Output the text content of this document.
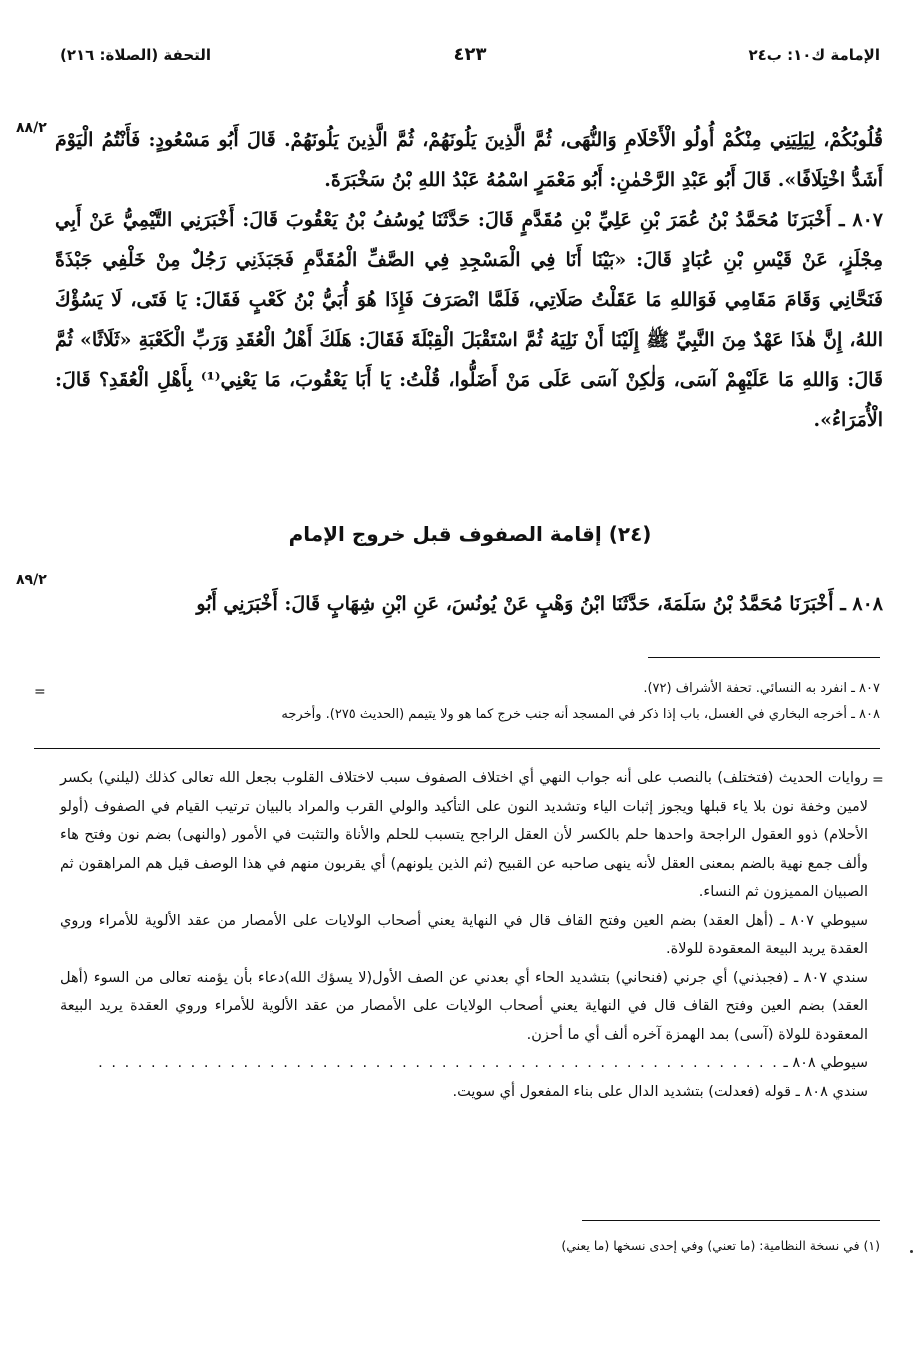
الإمامة ك١٠: ب٢٤
٤٢٣
التحفة (الصلاة: ٢١٦)
٨٨/٢
٨٩/٢

قُلُوبُكُمْ، لِيَلِيَنِي مِنْكُمْ أُولُو الْأَحْلَامِ وَالنُّهَى، ثُمَّ الَّذِينَ يَلُونَهُمْ، ثُمَّ الَّذِينَ يَلُونَهُمْ. قَالَ أَبُو مَسْعُودٍ: فَأَنْتُمُ الْيَوْمَ أَشَدُّ اخْتِلَافًا». قَالَ أَبُو عَبْدِ الرَّحْمٰنِ: أَبُو مَعْمَرٍ اسْمُهُ عَبْدُ اللهِ بْنُ سَخْبَرَةَ.

٨٠٧ ـ أَخْبَرَنَا مُحَمَّدُ بْنُ عُمَرَ بْنِ عَلِيِّ بْنِ مُقَدَّمٍ قَالَ: حَدَّثَنَا يُوسُفُ بْنُ يَعْقُوبَ قَالَ: أَخْبَرَنِي التَّيْمِيُّ عَنْ أَبِي مِجْلَزٍ، عَنْ قَيْسِ بْنِ عُبَادٍ قَالَ: «بَيْنَا أَنَا فِي الْمَسْجِدِ فِي الصَّفِّ الْمُقَدَّمِ فَجَبَذَنِي رَجُلٌ مِنْ خَلْفِي جَبْذَةً فَنَحَّانِي وَقَامَ مَقَامِي فَوَاللهِ مَا عَقَلْتُ صَلَاتِي، فَلَمَّا انْصَرَفَ فَإِذَا هُوَ أُبَيُّ بْنُ كَعْبٍ فَقَالَ: يَا فَتَى، لَا يَسُؤْكَ اللهُ، إِنَّ هٰذَا عَهْدٌ مِنَ النَّبِيِّ ﷺ إِلَيْنَا أَنْ نَلِيَهُ ثُمَّ اسْتَقْبَلَ الْقِبْلَةَ فَقَالَ: هَلَكَ أَهْلُ الْعُقَدِ وَرَبِّ الْكَعْبَةِ «ثَلَاثًا» ثُمَّ قَالَ: وَاللهِ مَا عَلَيْهِمْ آسَى، وَلٰكِنْ آسَى عَلَى مَنْ أَضَلُّوا، قُلْتُ: يَا أَبَا يَعْقُوبَ، مَا يَعْنِي⁽¹⁾ بِأَهْلِ الْعُقَدِ؟ قَالَ: الْأُمَرَاءُ».

(٢٤) إقامة الصفوف قبل خروج الإمام

٨٠٨ ـ أَخْبَرَنَا مُحَمَّدُ بْنُ سَلَمَةَ، حَدَّثَنَا ابْنُ وَهْبٍ عَنْ يُونُسَ، عَنِ ابْنِ شِهَابٍ قَالَ: أَخْبَرَنِي أَبُو

٨٠٧ ـ انفرد به النسائي. تحفة الأشراف (٧٢).

٨٠٨ ـ أخرجه البخاري في الغسل، باب إذا ذكر في المسجد أنه جنب خرج كما هو ولا يتيمم (الحديث ٢٧٥). وأخرجه

=
=

روايات الحديث (فتختلف) بالنصب على أنه جواب النهي أي اختلاف الصفوف سبب لاختلاف القلوب بجعل الله تعالى كذلك (ليلني) بكسر لامين وخفة نون بلا ياء قبلها ويجوز إثبات الياء وتشديد النون على التأكيد والولي القرب والمراد بالبيان ترتيب القيام في الصفوف (أولو الأحلام) ذوو العقول الراجحة واحدها حلم بالكسر لأن العقل الراجح يتسبب للحلم والأناة والتثبت في الأمور (والنهى) بضم نون وفتح هاء وألف جمع نهية بالضم بمعنى العقل لأنه ينهى صاحبه عن القبيح (ثم الذين يلونهم) أي يقربون منهم في هذا الوصف قيل هم المراهقون ثم الصبيان المميزون ثم النساء.

سيوطي ٨٠٧ ـ (أهل العقد) بضم العين وفتح القاف قال في النهاية يعني أصحاب الولايات على الأمصار من عقد الألوية للأمراء وروي العقدة يريد البيعة المعقودة للولاة.

سندي ٨٠٧ ـ (فجبذني) أي جرني (فنحاني) بتشديد الحاء أي بعدني عن الصف الأول(لا يسؤك الله)دعاء بأن يؤمنه تعالى من السوء (أهل العقد) بضم العين وفتح القاف قال في النهاية يعني أصحاب الولايات على الأمصار من عقد الألوية للأمراء وروي العقدة يريد البيعة المعقودة للولاة (آسى) بمد الهمزة آخره ألف أي ما أحزن.

سيوطي ٨٠٨ ـ . . . . . . . . . . . . . . . . . . . . . . . . . . . . . . . . . . . . . . . . . . . . . . . . . . . .

سندي ٨٠٨ ـ قوله (فعدلت) بتشديد الدال على بناء المفعول أي سويت.

(١) في نسخة النظامية: (ما تعني) وفي إحدى نسخها (ما يعني)
